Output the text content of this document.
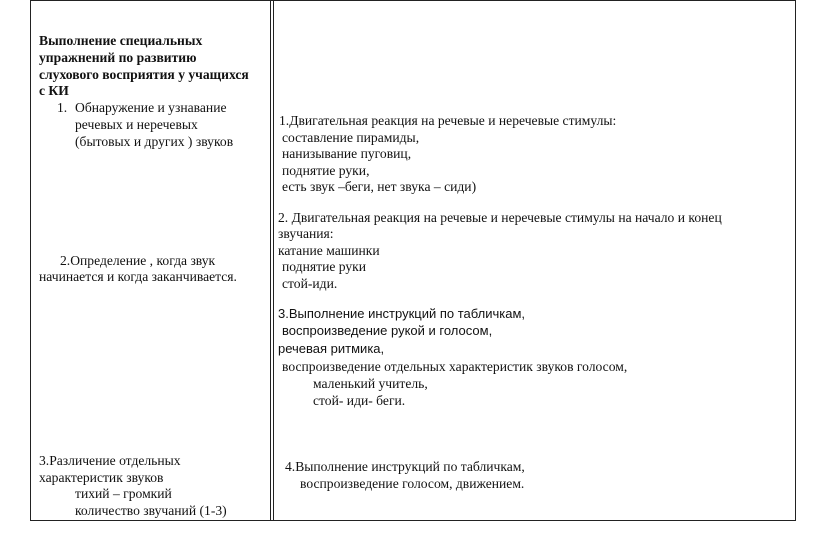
Выполнение специальных
упражнений по развитию
слухового восприятия у учащихся
с КИ
1. Обнаружение и узнавание
речевых и неречевых
(бытовых и других ) звуков
2.Определение , когда звук
начинается и когда заканчивается.
3.Различение отдельных
характеристик звуков
тихий – громкий
количество звучаний (1-3)
1.Двигательная реакция на речевые и неречевые стимулы:
составление пирамиды,
нанизывание пуговиц,
поднятие руки,
есть звук –беги, нет звука – сиди)
2. Двигательная реакция на речевые и неречевые стимулы на начало и конец
звучания:
катание машинки
поднятие руки
стой-иди.
3.Выполнение инструкций по табличкам,
воспроизведение рукой и голосом,
речевая ритмика,
воспроизведение отдельных характеристик звуков голосом,
маленький учитель,
стой- иди- беги.
4.Выполнение инструкций по табличкам,
воспроизведение голосом, движением.
